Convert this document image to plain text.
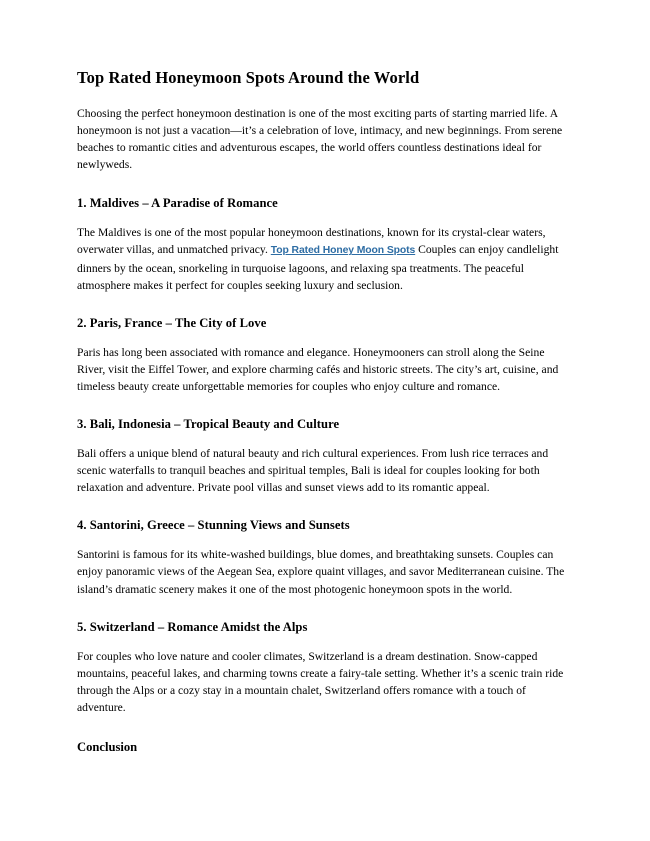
Top Rated Honeymoon Spots Around the World

Choosing the perfect honeymoon destination is one of the most exciting parts of starting married life. A honeymoon is not just a vacation—it’s a celebration of love, intimacy, and new beginnings. From serene beaches to romantic cities and adventurous escapes, the world offers countless destinations ideal for newlyweds.

1. Maldives – A Paradise of Romance

The Maldives is one of the most popular honeymoon destinations, known for its crystal-clear waters, overwater villas, and unmatched privacy. Top Rated Honey Moon Spots Couples can enjoy candlelight dinners by the ocean, snorkeling in turquoise lagoons, and relaxing spa treatments. The peaceful atmosphere makes it perfect for couples seeking luxury and seclusion.

2. Paris, France – The City of Love

Paris has long been associated with romance and elegance. Honeymooners can stroll along the Seine River, visit the Eiffel Tower, and explore charming cafés and historic streets. The city’s art, cuisine, and timeless beauty create unforgettable memories for couples who enjoy culture and romance.

3. Bali, Indonesia – Tropical Beauty and Culture

Bali offers a unique blend of natural beauty and rich cultural experiences. From lush rice terraces and scenic waterfalls to tranquil beaches and spiritual temples, Bali is ideal for couples looking for both relaxation and adventure. Private pool villas and sunset views add to its romantic appeal.

4. Santorini, Greece – Stunning Views and Sunsets

Santorini is famous for its white-washed buildings, blue domes, and breathtaking sunsets. Couples can enjoy panoramic views of the Aegean Sea, explore quaint villages, and savor Mediterranean cuisine. The island’s dramatic scenery makes it one of the most photogenic honeymoon spots in the world.

5. Switzerland – Romance Amidst the Alps

For couples who love nature and cooler climates, Switzerland is a dream destination. Snow-capped mountains, peaceful lakes, and charming towns create a fairy-tale setting. Whether it’s a scenic train ride through the Alps or a cozy stay in a mountain chalet, Switzerland offers romance with a touch of adventure.

Conclusion
